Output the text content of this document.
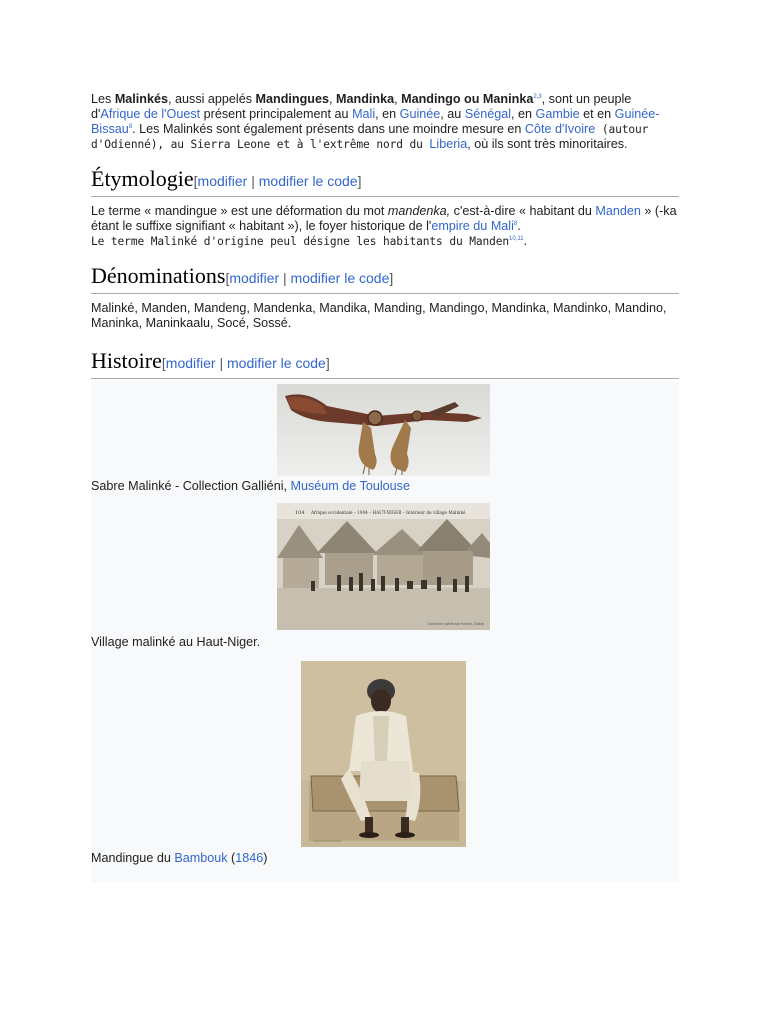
Les Malinkés, aussi appelés Mandingues, Mandinka, Mandingo ou Maninka$^{2,3}$, sont un peuple d'Afrique de l'Ouest présent principalement au Mali, en Guinée, au Sénégal, en Gambie et en Guinée-Bissau$^8$. Les Malinkés sont également présents dans une moindre mesure en Côte d'Ivoire (autour d'Odienné), au Sierra Leone et à l'extrême nord du Liberia, où ils sont très minoritaires.

Étymologie[modifier | modifier le code]

Le terme « mandingue » est une déformation du mot mandenka, c'est-à-dire « habitant du Manden » (-ka étant le suffixe signifiant « habitant »), le foyer historique de l'empire du Mali$^8$.
Le terme Malinké d'origine peul désigne les habitants du Manden$^{10,11}$.

Dénominations[modifier | modifier le code]

Malinké, Manden, Mandeng, Mandenka, Mandika, Manding, Mandingo, Mandinka, Mandinko, Mandino, Maninka, Maninkaalu, Socé, Sossé.

Histoire[modifier | modifier le code]
Sabre Malinké - Collection Galliéni, Muséum de Toulouse
104 Afrique occidentale – 1904 – HAUT-NIGER – Intérieur de village Malinké
Collection générale Fortier, Dakar
Village malinké au Haut-Niger.
Mandingue du Bambouk (1846)
